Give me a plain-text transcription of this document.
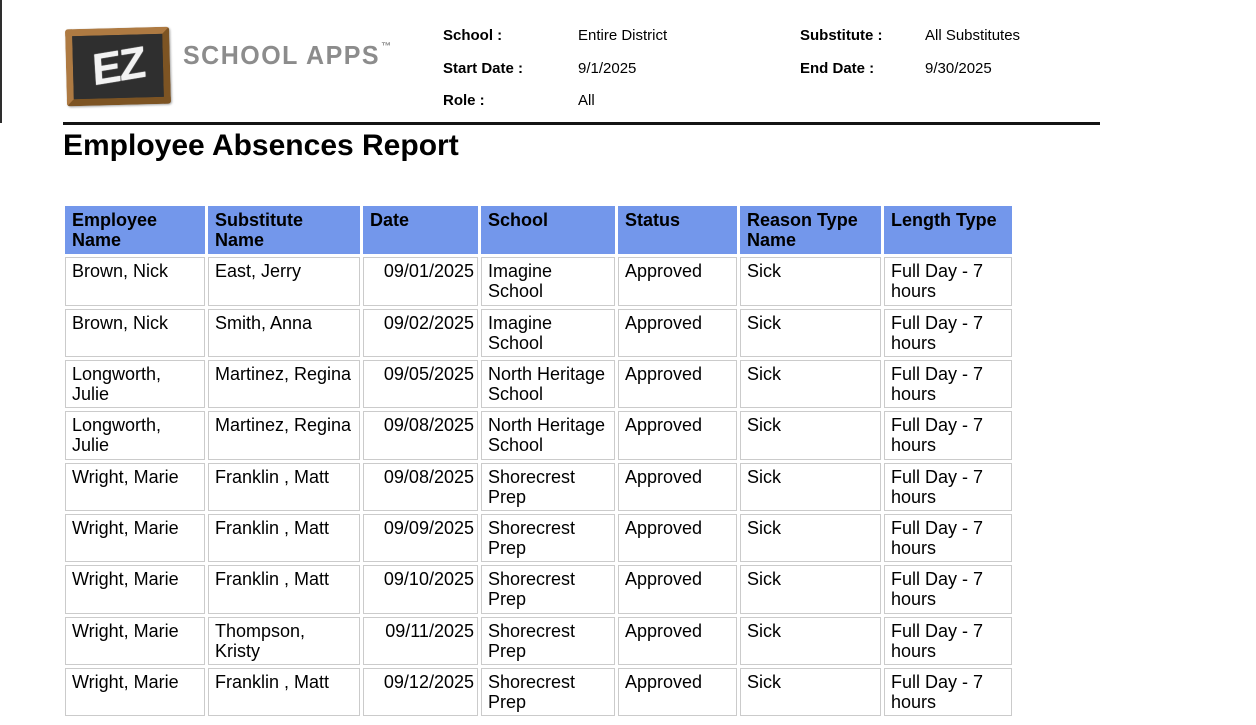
EZ SCHOOL APPS™
School :	Entire District
Start Date :	9/1/2025
Role :	All
Substitute :	All Substitutes
End Date :	9/30/2025
Employee Absences Report
Employee Name	Substitute Name	Date	School	Status	Reason Type Name	Length Type
Brown, Nick	East, Jerry	09/01/2025	Imagine School	Approved	Sick	Full Day - 7 hours
Brown, Nick	Smith, Anna	09/02/2025	Imagine School	Approved	Sick	Full Day - 7 hours
Longworth, Julie	Martinez, Regina	09/05/2025	North Heritage School	Approved	Sick	Full Day - 7 hours
Longworth, Julie	Martinez, Regina	09/08/2025	North Heritage School	Approved	Sick	Full Day - 7 hours
Wright, Marie	Franklin , Matt	09/08/2025	Shorecrest Prep	Approved	Sick	Full Day - 7 hours
Wright, Marie	Franklin , Matt	09/09/2025	Shorecrest Prep	Approved	Sick	Full Day - 7 hours
Wright, Marie	Franklin , Matt	09/10/2025	Shorecrest Prep	Approved	Sick	Full Day - 7 hours
Wright, Marie	Thompson, Kristy	09/11/2025	Shorecrest Prep	Approved	Sick	Full Day - 7 hours
Wright, Marie	Franklin , Matt	09/12/2025	Shorecrest Prep	Approved	Sick	Full Day - 7 hours
